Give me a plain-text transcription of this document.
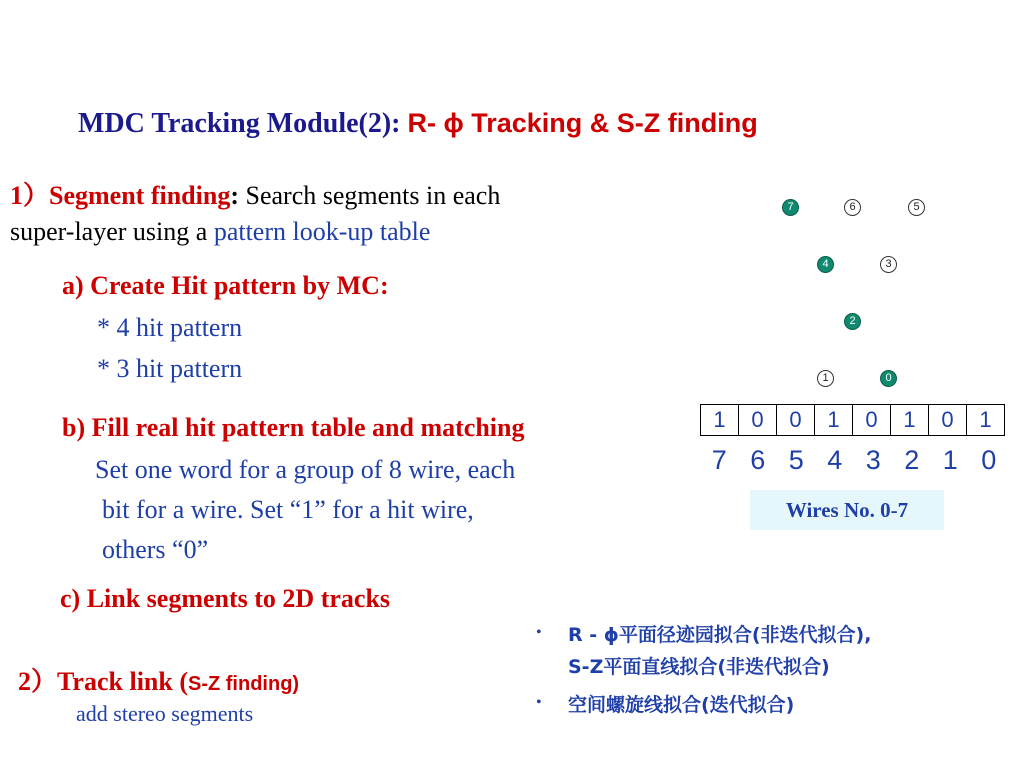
MDC Tracking Module(2): R- ϕ Tracking & S-Z finding
1）Segment finding: Search segments in each
super-layer using a pattern look-up table
a) Create Hit pattern by MC:
* 4 hit pattern
* 3 hit pattern
b) Fill real hit pattern table and matching
Set one word for a group of 8 wire, each
bit for a wire. Set “1” for a hit wire,
others “0”
c) Link segments to 2D tracks
2）Track link (S-Z finding)
add stereo segments
7	6	5
4	3
2
1	0
1	0	0	1	0	1	0	1
7 6 5 4 3 2 1 0
Wires No. 0-7
• R - ϕ平面径迹园拟合(非迭代拟合),
S-Z平面直线拟合(非迭代拟合)
• 空间螺旋线拟合(迭代拟合)
